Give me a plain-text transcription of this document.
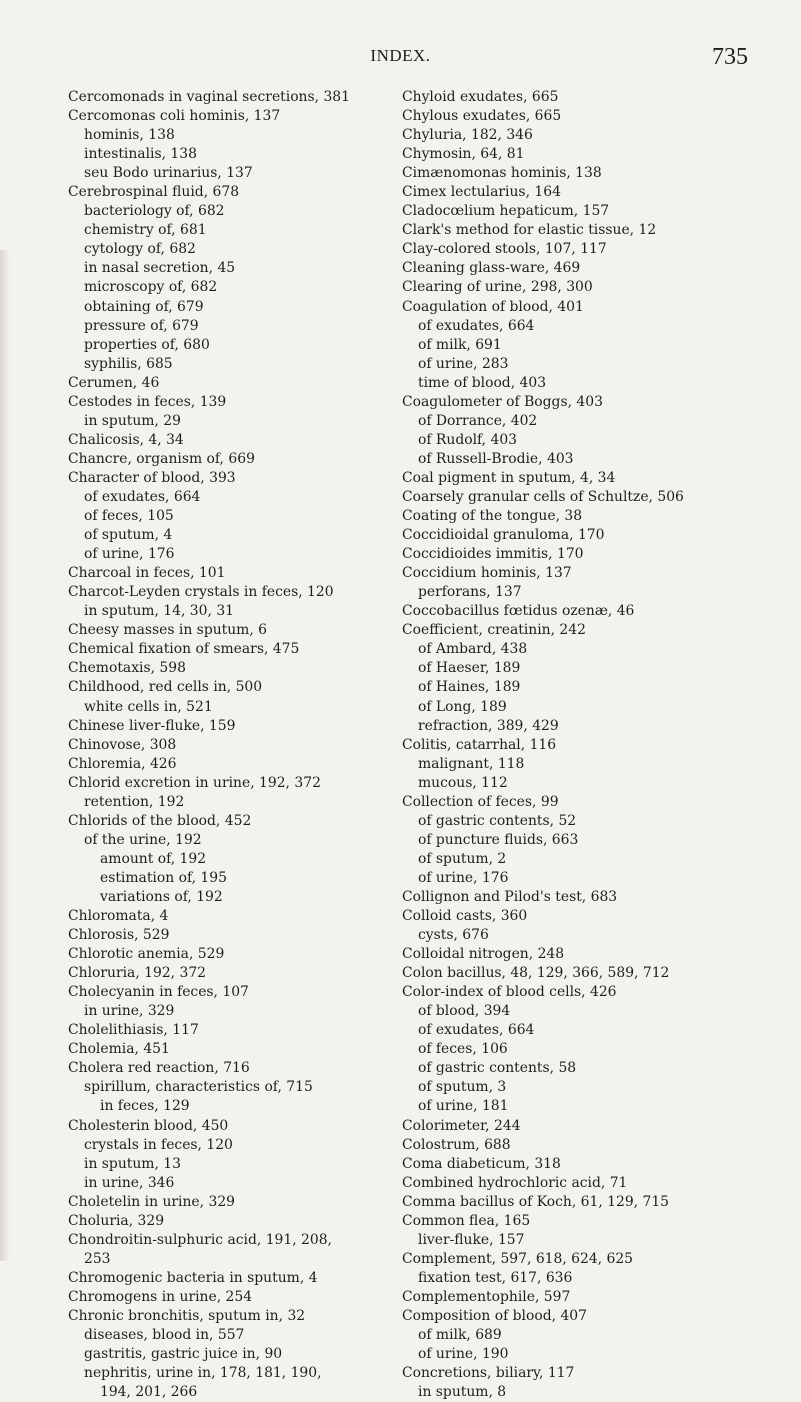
INDEX.	735
Cercomonads in vaginal secretions, 381
Cercomonas coli hominis, 137
hominis, 138
intestinalis, 138
seu Bodo urinarius, 137
Cerebrospinal fluid, 678
bacteriology of, 682
chemistry of, 681
cytology of, 682
in nasal secretion, 45
microscopy of, 682
obtaining of, 679
pressure of, 679
properties of, 680
syphilis, 685
Cerumen, 46
Cestodes in feces, 139
in sputum, 29
Chalicosis, 4, 34
Chancre, organism of, 669
Character of blood, 393
of exudates, 664
of feces, 105
of sputum, 4
of urine, 176
Charcoal in feces, 101
Charcot-Leyden crystals in feces, 120
in sputum, 14, 30, 31
Cheesy masses in sputum, 6
Chemical fixation of smears, 475
Chemotaxis, 598
Childhood, red cells in, 500
white cells in, 521
Chinese liver-fluke, 159
Chinovose, 308
Chloremia, 426
Chlorid excretion in urine, 192, 372
retention, 192
Chlorids of the blood, 452
of the urine, 192
amount of, 192
estimation of, 195
variations of, 192
Chloromata, 4
Chlorosis, 529
Chlorotic anemia, 529
Chloruria, 192, 372
Cholecyanin in feces, 107
in urine, 329
Cholelithiasis, 117
Cholemia, 451
Cholera red reaction, 716
spirillum, characteristics of, 715
in feces, 129
Cholesterin blood, 450
crystals in feces, 120
in sputum, 13
in urine, 346
Choletelin in urine, 329
Choluria, 329
Chondroitin-sulphuric acid, 191, 208,
253
Chromogenic bacteria in sputum, 4
Chromogens in urine, 254
Chronic bronchitis, sputum in, 32
diseases, blood in, 557
gastritis, gastric juice in, 90
nephritis, urine in, 178, 181, 190,
194, 201, 266
Chyloid exudates, 665
Chylous exudates, 665
Chyluria, 182, 346
Chymosin, 64, 81
Cimænomonas hominis, 138
Cimex lectularius, 164
Cladocœlium hepaticum, 157
Clark's method for elastic tissue, 12
Clay-colored stools, 107, 117
Cleaning glass-ware, 469
Clearing of urine, 298, 300
Coagulation of blood, 401
of exudates, 664
of milk, 691
of urine, 283
time of blood, 403
Coagulometer of Boggs, 403
of Dorrance, 402
of Rudolf, 403
of Russell-Brodie, 403
Coal pigment in sputum, 4, 34
Coarsely granular cells of Schultze, 506
Coating of the tongue, 38
Coccidioidal granuloma, 170
Coccidioides immitis, 170
Coccidium hominis, 137
perforans, 137
Coccobacillus fœtidus ozenæ, 46
Coefficient, creatinin, 242
of Ambard, 438
of Haeser, 189
of Haines, 189
of Long, 189
refraction, 389, 429
Colitis, catarrhal, 116
malignant, 118
mucous, 112
Collection of feces, 99
of gastric contents, 52
of puncture fluids, 663
of sputum, 2
of urine, 176
Collignon and Pilod's test, 683
Colloid casts, 360
cysts, 676
Colloidal nitrogen, 248
Colon bacillus, 48, 129, 366, 589, 712
Color-index of blood cells, 426
of blood, 394
of exudates, 664
of feces, 106
of gastric contents, 58
of sputum, 3
of urine, 181
Colorimeter, 244
Colostrum, 688
Coma diabeticum, 318
Combined hydrochloric acid, 71
Comma bacillus of Koch, 61, 129, 715
Common flea, 165
liver-fluke, 157
Complement, 597, 618, 624, 625
fixation test, 617, 636
Complementophile, 597
Composition of blood, 407
of milk, 689
of urine, 190
Concretions, biliary, 117
in sputum, 8
